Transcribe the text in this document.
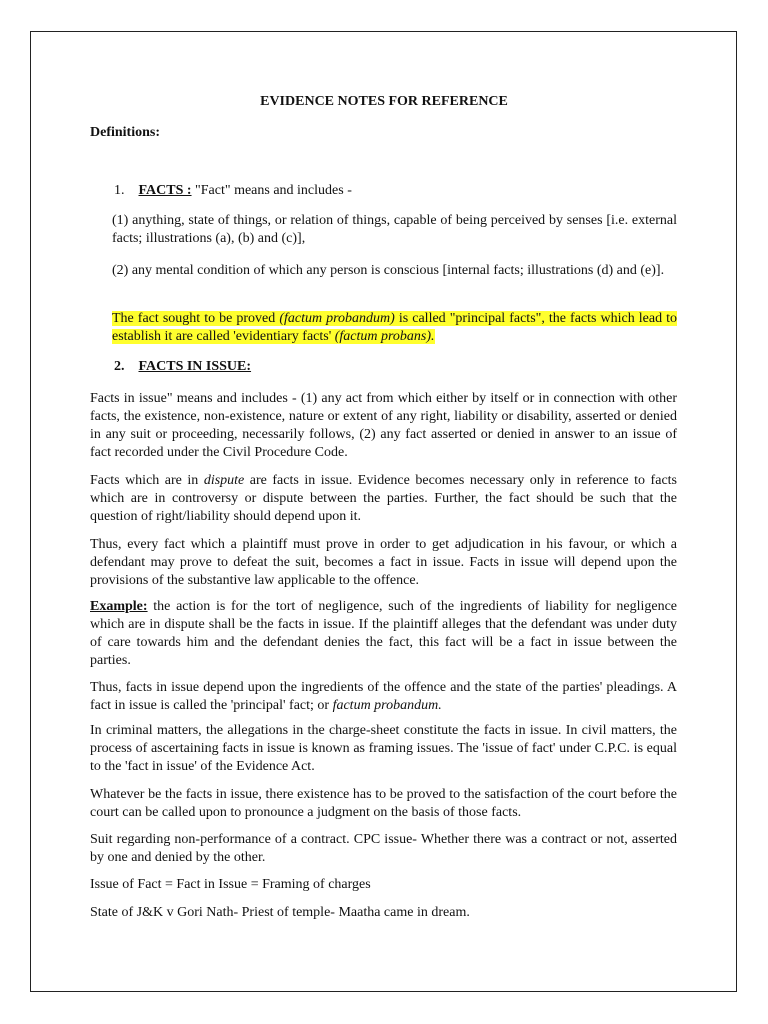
EVIDENCE NOTES FOR REFERENCE
Definitions:
1. FACTS : "Fact" means and includes -
(1) anything, state of things, or relation of things, capable of being perceived by senses [i.e. external facts; illustrations (a), (b) and (c)],
(2) any mental condition of which any person is conscious [internal facts; illustrations (d) and (e)].
The fact sought to be proved (factum probandum) is called "principal facts", the facts which lead to establish it are called 'evidentiary facts' (factum probans).
2. FACTS IN ISSUE:
Facts in issue" means and includes - (1) any act from which either by itself or in connection with other facts, the existence, non-existence, nature or extent of any right, liability or disability, asserted or denied in any suit or proceeding, necessarily follows, (2) any fact asserted or denied in answer to an issue of fact recorded under the Civil Procedure Code.
Facts which are in dispute are facts in issue. Evidence becomes necessary only in reference to facts which are in controversy or dispute between the parties. Further, the fact should be such that the question of right/liability should depend upon it.
Thus, every fact which a plaintiff must prove in order to get adjudication in his favour, or which a defendant may prove to defeat the suit, becomes a fact in issue. Facts in issue will depend upon the provisions of the substantive law applicable to the offence.
Example: the action is for the tort of negligence, such of the ingredients of liability for negligence which are in dispute shall be the facts in issue. If the plaintiff alleges that the defendant was under duty of care towards him and the defendant denies the fact, this fact will be a fact in issue between the parties.
Thus, facts in issue depend upon the ingredients of the offence and the state of the parties' pleadings. A fact in issue is called the 'principal' fact; or factum probandum.
In criminal matters, the allegations in the charge-sheet constitute the facts in issue. In civil matters, the process of ascertaining facts in issue is known as framing issues. The 'issue of fact' under C.P.C. is equal to the 'fact in issue' of the Evidence Act.
Whatever be the facts in issue, there existence has to be proved to the satisfaction of the court before the court can be called upon to pronounce a judgment on the basis of those facts.
Suit regarding non-performance of a contract. CPC issue- Whether there was a contract or not, asserted by one and denied by the other.
Issue of Fact = Fact in Issue = Framing of charges
State of J&K v Gori Nath- Priest of temple- Maatha came in dream.
